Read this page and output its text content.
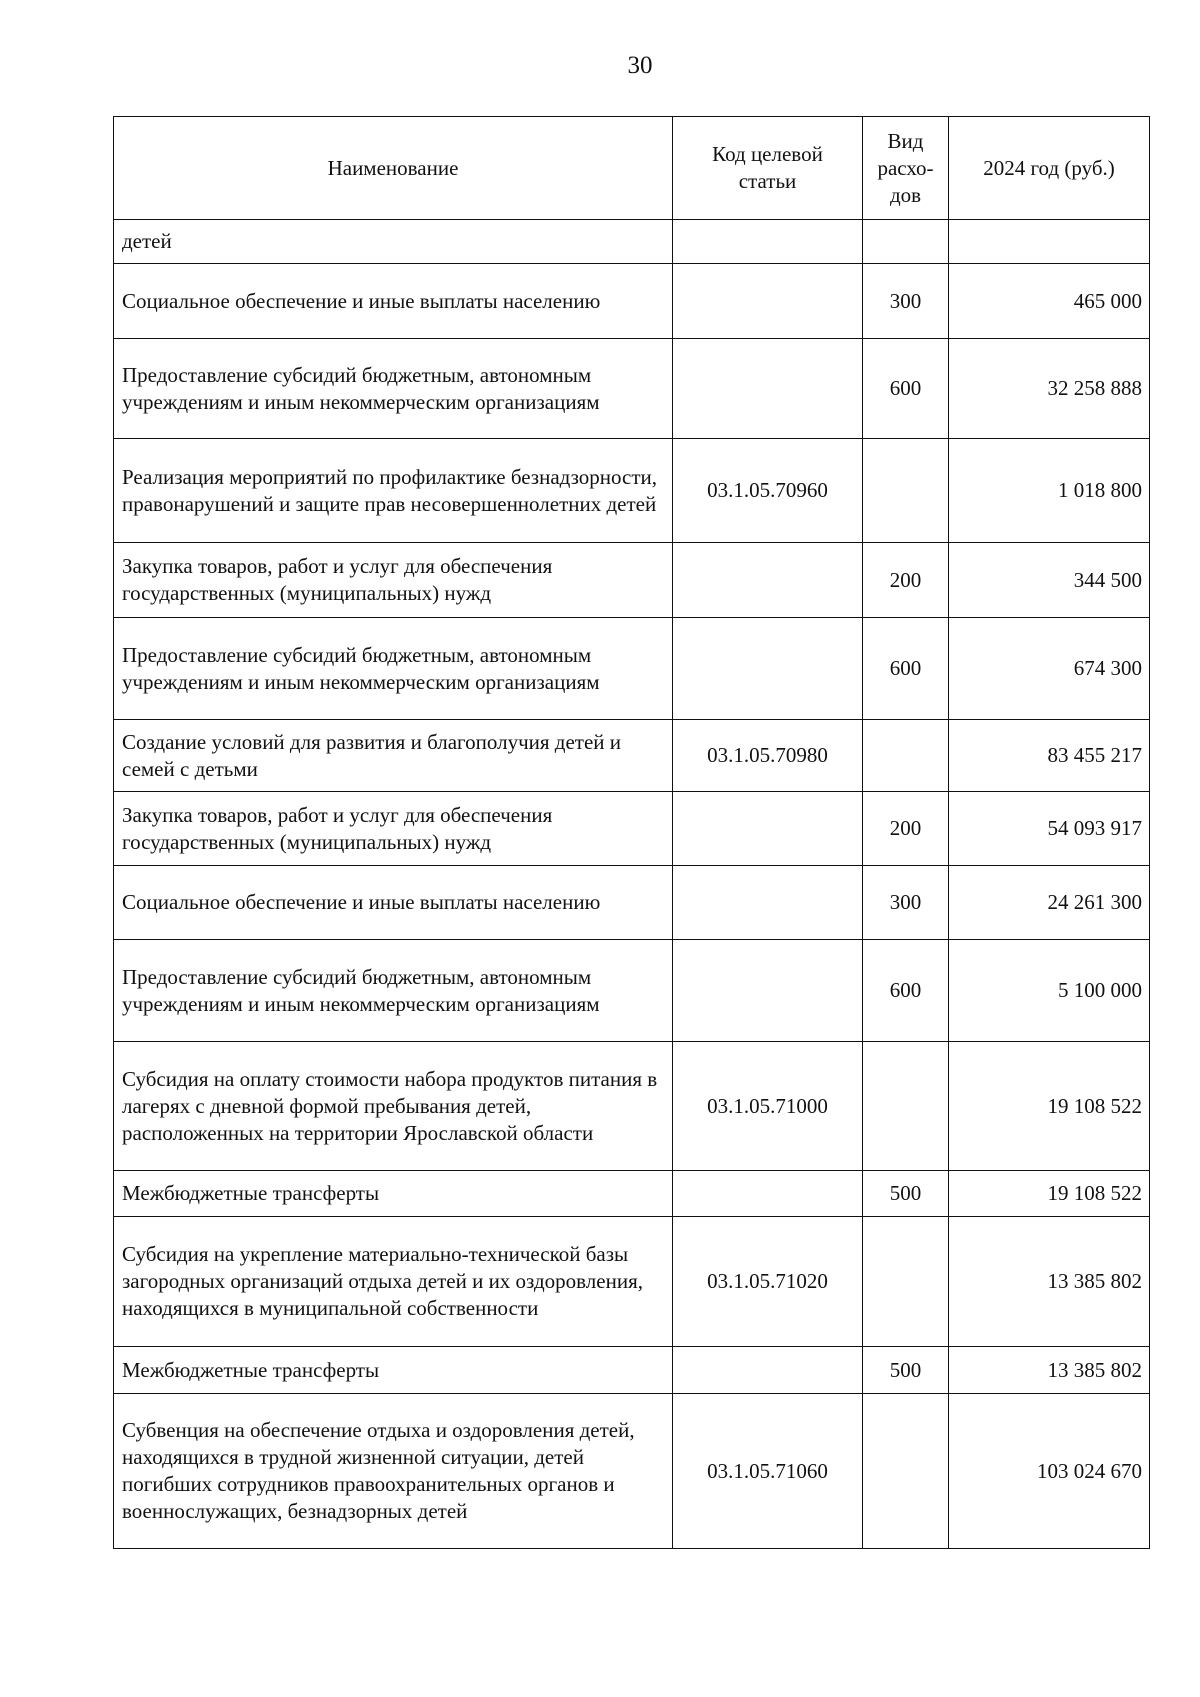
30
Наименование	Код целевой статьи	Вид расхо-дов	2024 год (руб.)
детей			
Социальное обеспечение и иные выплаты населению		300	465 000
Предоставление субсидий бюджетным, автономным учреждениям и иным некоммерческим организациям		600	32 258 888
Реализация мероприятий по профилактике безнадзорности, правонарушений и защите прав несовершеннолетних детей	03.1.05.70960		1 018 800
Закупка товаров, работ и услуг для обеспечения государственных (муниципальных) нужд		200	344 500
Предоставление субсидий бюджетным, автономным учреждениям и иным некоммерческим организациям		600	674 300
Создание условий для развития и благополучия детей и семей с детьми	03.1.05.70980		83 455 217
Закупка товаров, работ и услуг для обеспечения государственных (муниципальных) нужд		200	54 093 917
Социальное обеспечение и иные выплаты населению		300	24 261 300
Предоставление субсидий бюджетным, автономным учреждениям и иным некоммерческим организациям		600	5 100 000
Субсидия на оплату стоимости набора продуктов питания в лагерях с дневной формой пребывания детей, расположенных на территории Ярославской области	03.1.05.71000		19 108 522
Межбюджетные трансферты		500	19 108 522
Субсидия на укрепление материально-технической базы загородных организаций отдыха детей и их оздоровления, находящихся в муниципальной собственности	03.1.05.71020		13 385 802
Межбюджетные трансферты		500	13 385 802
Субвенция на обеспечение отдыха и оздоровления детей, находящихся в трудной жизненной ситуации, детей погибших сотрудников правоохранительных органов и военнослужащих, безнадзорных детей	03.1.05.71060		103 024 670
